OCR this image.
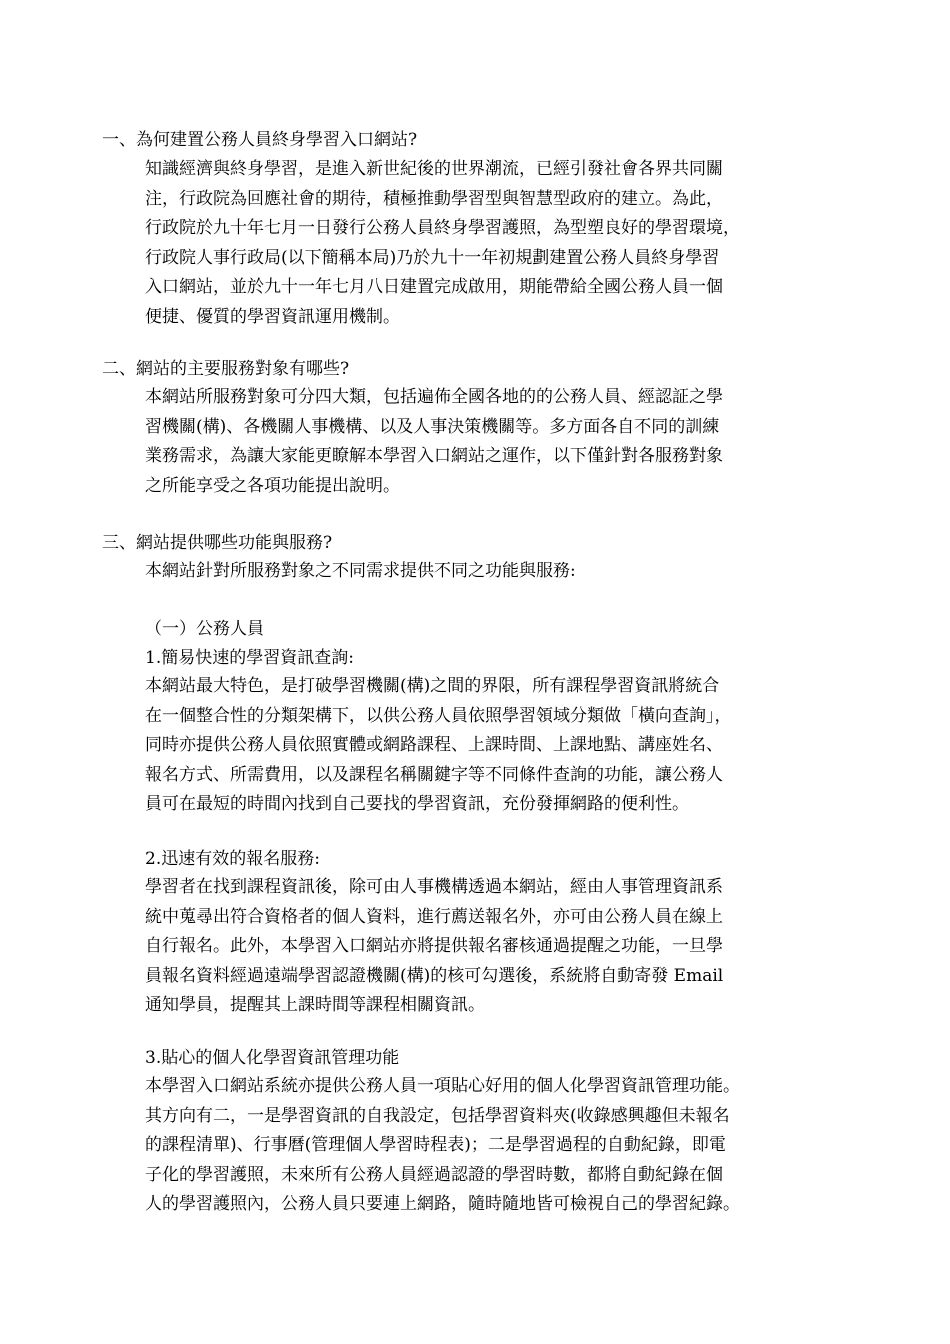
一、為何建置公務人員終身學習入口網站?
知識經濟與終身學習，是進入新世紀後的世界潮流，已經引發社會各界共同關
注，行政院為回應社會的期待，積極推動學習型與智慧型政府的建立。為此，
行政院於九十年七月一日發行公務人員終身學習護照，為型塑良好的學習環境，
行政院人事行政局(以下簡稱本局)乃於九十一年初規劃建置公務人員終身學習
入口網站，並於九十一年七月八日建置完成啟用，期能帶給全國公務人員一個
便捷、優質的學習資訊運用機制。
二、網站的主要服務對象有哪些?
本網站所服務對象可分四大類，包括遍佈全國各地的的公務人員、經認証之學
習機關(構)、各機關人事機構、以及人事決策機關等。多方面各自不同的訓練
業務需求，為讓大家能更瞭解本學習入口網站之運作，以下僅針對各服務對象
之所能享受之各項功能提出說明。
三、網站提供哪些功能與服務?
本網站針對所服務對象之不同需求提供不同之功能與服務:
（一）公務人員
1.簡易快速的學習資訊查詢:
本網站最大特色，是打破學習機關(構)之間的界限，所有課程學習資訊將統合
在一個整合性的分類架構下，以供公務人員依照學習領域分類做「橫向查詢」，
同時亦提供公務人員依照實體或網路課程、上課時間、上課地點、講座姓名、
報名方式、所需費用，以及課程名稱關鍵字等不同條件查詢的功能，讓公務人
員可在最短的時間內找到自己要找的學習資訊，充份發揮網路的便利性。
2.迅速有效的報名服務:
學習者在找到課程資訊後，除可由人事機構透過本網站，經由人事管理資訊系
統中蒐尋出符合資格者的個人資料，進行薦送報名外，亦可由公務人員在線上
自行報名。此外，本學習入口網站亦將提供報名審核通過提醒之功能，一旦學
員報名資料經過遠端學習認證機關(構)的核可勾選後，系統將自動寄發 Email
通知學員，提醒其上課時間等課程相關資訊。
3.貼心的個人化學習資訊管理功能
本學習入口網站系統亦提供公務人員一項貼心好用的個人化學習資訊管理功能。
其方向有二，一是學習資訊的自我設定，包括學習資料夾(收錄感興趣但未報名
的課程清單)、行事曆(管理個人學習時程表)；二是學習過程的自動紀錄，即電
子化的學習護照，未來所有公務人員經過認證的學習時數，都將自動紀錄在個
人的學習護照內，公務人員只要連上網路，隨時隨地皆可檢視自己的學習紀錄。
